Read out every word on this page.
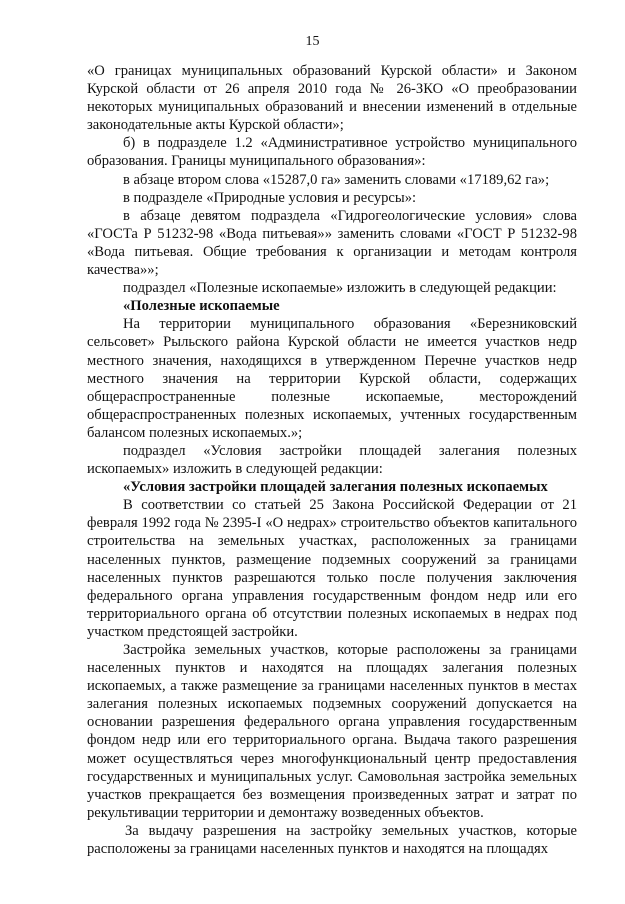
15

«О границах муниципальных образований Курской области» и Законом Курской области от 26 апреля 2010 года № 26-ЗКО «О преобразовании некоторых муниципальных образований и внесении изменений в отдельные законодательные акты Курской области»;

б) в подразделе 1.2 «Административное устройство муниципального образования. Границы муниципального образования»:

в абзаце втором слова «15287,0 га» заменить словами «17189,62 га»;

в подразделе «Природные условия и ресурсы»:

в абзаце девятом подраздела «Гидрогеологические условия» слова «ГОСТа Р 51232-98 «Вода питьевая»» заменить словами «ГОСТ Р 51232-98 «Вода питьевая. Общие требования к организации и методам контроля качества»»;

подраздел «Полезные ископаемые» изложить в следующей редакции:

«Полезные ископаемые

На территории муниципального образования «Березниковский сельсовет» Рыльского района Курской области не имеется участков недр местного значения, находящихся в утвержденном Перечне участков недр местного значения на территории Курской области, содержащих общераспространенные полезные ископаемые, месторождений общераспространенных полезных ископаемых, учтенных государственным балансом полезных ископаемых.»;

подраздел «Условия застройки площадей залегания полезных ископаемых» изложить в следующей редакции:

«Условия застройки площадей залегания полезных ископаемых

В соответствии со статьей 25 Закона Российской Федерации от 21 февраля 1992 года № 2395-I «О недрах» строительство объектов капитального строительства на земельных участках, расположенных за границами населенных пунктов, размещение подземных сооружений за границами населенных пунктов разрешаются только после получения заключения федерального органа управления государственным фондом недр или его территориального органа об отсутствии полезных ископаемых в недрах под участком предстоящей застройки.

Застройка земельных участков, которые расположены за границами населенных пунктов и находятся на площадях залегания полезных ископаемых, а также размещение за границами населенных пунктов в местах залегания полезных ископаемых подземных сооружений допускается на основании разрешения федерального органа управления государственным фондом недр или его территориального органа. Выдача такого разрешения может осуществляться через многофункциональный центр предоставления государственных и муниципальных услуг. Самовольная застройка земельных участков прекращается без возмещения произведенных затрат и затрат по рекультивации территории и демонтажу возведенных объектов.

За выдачу разрешения на застройку земельных участков, которые расположены за границами населенных пунктов и находятся на площадях
